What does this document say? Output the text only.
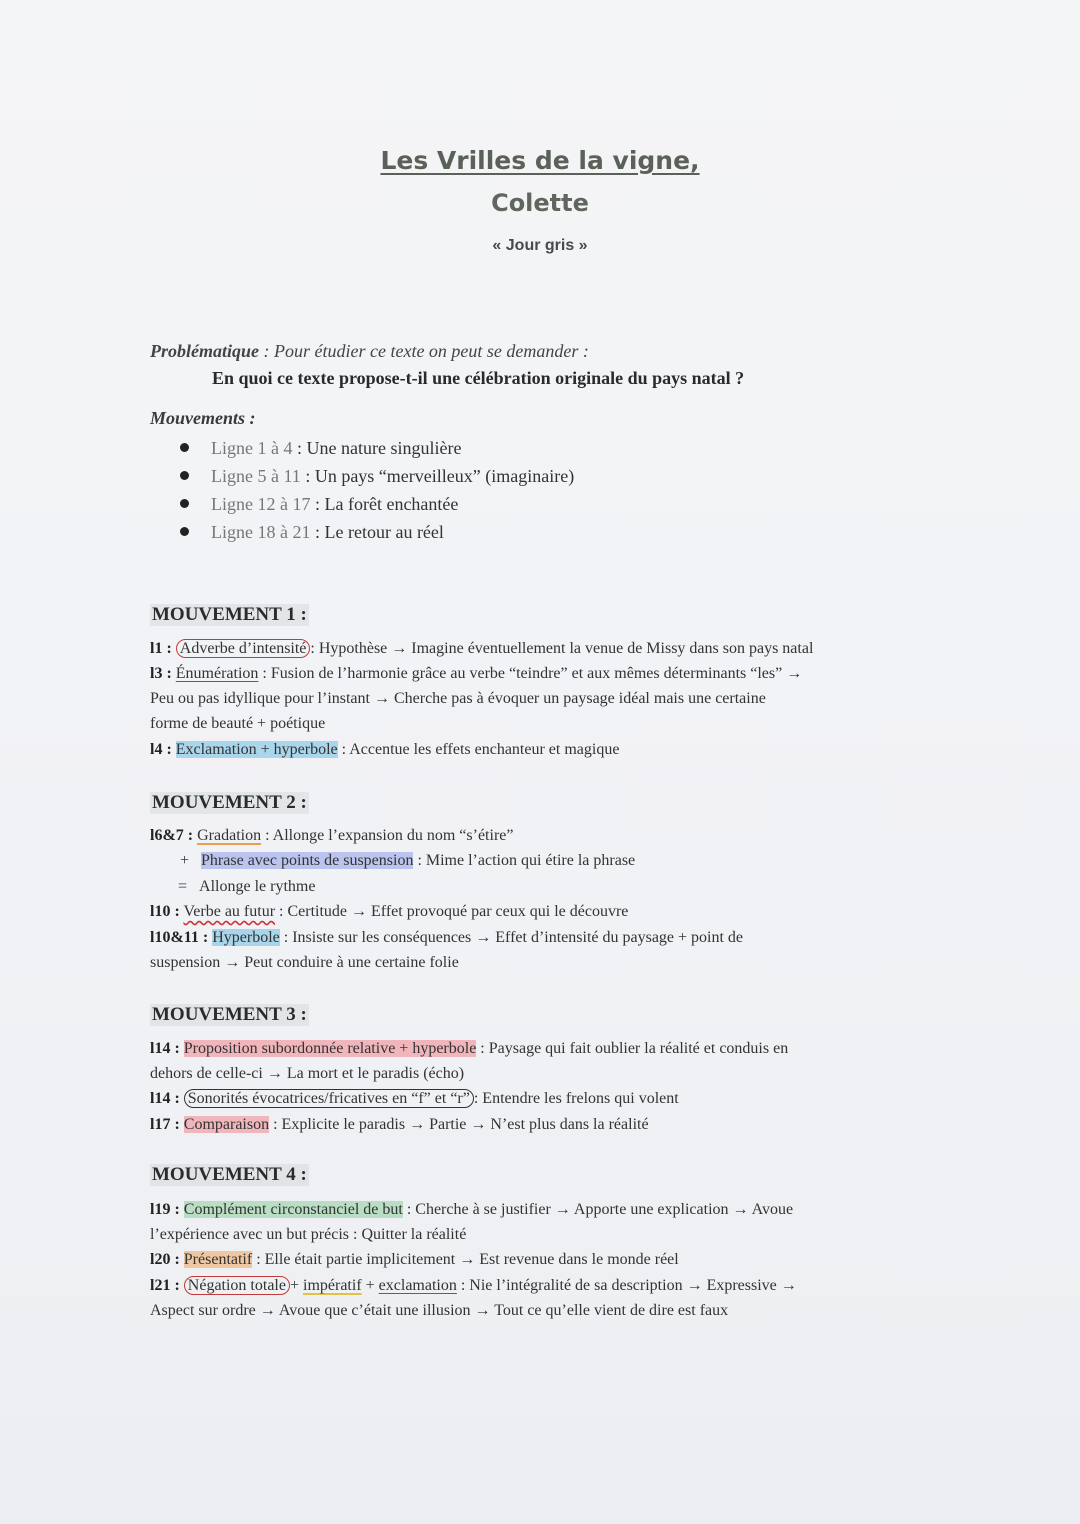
Les Vrilles de la vigne,
Colette
« Jour gris »
Problématique : Pour étudier ce texte on peut se demander :
En quoi ce texte propose-t-il une célébration originale du pays natal ?
Mouvements :
Ligne 1 à 4 : Une nature singulière
Ligne 5 à 11 : Un pays “merveilleux” (imaginaire)
Ligne 12 à 17 : La forêt enchantée
Ligne 18 à 21 : Le retour au réel
MOUVEMENT 1 :
l1 : Adverbe d’intensité : Hypothèse → Imagine éventuellement la venue de Missy dans son pays natal
l3 : Énumération : Fusion de l’harmonie grâce au verbe “teindre” et aux mêmes déterminants “les” →
Peu ou pas idyllique pour l’instant → Cherche pas à évoquer un paysage idéal mais une certaine
forme de beauté + poétique
l4 : Exclamation + hyperbole : Accentue les effets enchanteur et magique
MOUVEMENT 2 :
l6&7 : Gradation : Allonge l’expansion du nom “s’étire”
+ Phrase avec points de suspension : Mime l’action qui étire la phrase
= Allonge le rythme
l10 : Verbe au futur : Certitude → Effet provoqué par ceux qui le découvre
l10&11 : Hyperbole : Insiste sur les conséquences → Effet d’intensité du paysage + point de
suspension → Peut conduire à une certaine folie
MOUVEMENT 3 :
l14 : Proposition subordonnée relative + hyperbole : Paysage qui fait oublier la réalité et conduis en
dehors de celle-ci → La mort et le paradis (écho)
l14 : Sonorités évocatrices/fricatives en “f” et “r” : Entendre les frelons qui volent
l17 : Comparaison : Explicite le paradis → Partie → N’est plus dans la réalité
MOUVEMENT 4 :
l19 : Complément circonstanciel de but : Cherche à se justifier → Apporte une explication → Avoue
l’expérience avec un but précis : Quitter la réalité
l20 : Présentatif : Elle était partie implicitement → Est revenue dans le monde réel
l21 : Négation totale + impératif + exclamation : Nie l’intégralité de sa description → Expressive →
Aspect sur ordre → Avoue que c’était une illusion → Tout ce qu’elle vient de dire est faux
